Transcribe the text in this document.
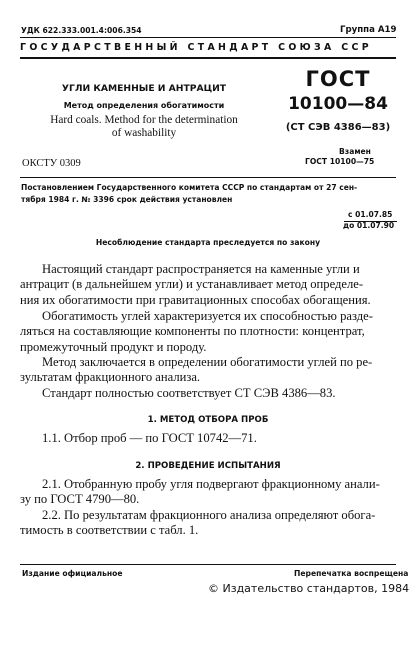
УДК 622.333.001.4:006.354	Группа А19
ГОСУДАРСТВЕННЫЙ СТАНДАРТ СОЮЗА ССР
УГЛИ КАМЕННЫЕ И АНТРАЦИТ
Метод определения обогатимости
Hard coals. Method for the determination
of washability
ОКСТУ 0309
ГОСТ
10100—84
(СТ СЭВ 4386—83)
Взамен
ГОСТ 10100—75
Постановлением Государственного комитета СССР по стандартам от 27 сен-
тября 1984 г. № 3396 срок действия установлен
с 01.07.85
до 01.07.90
Несоблюдение стандарта преследуется по закону
Настоящий стандарт распространяется на каменные угли и
антрацит (в дальнейшем угли) и устанавливает метод определе-
ния их обогатимости при гравитационных способах обогащения.
Обогатимость углей характеризуется их способностью разде-
ляться на составляющие компоненты по плотности: концентрат,
промежуточный продукт и породу.
Метод заключается в определении обогатимости углей по ре-
зультатам фракционного анализа.
Стандарт полностью соответствует СТ СЭВ 4386—83.
1. МЕТОД ОТБОРА ПРОБ
1.1. Отбор проб — по ГОСТ 10742—71.
2. ПРОВЕДЕНИЕ ИСПЫТАНИЯ
2.1. Отобранную пробу угля подвергают фракционному анали-
зу по ГОСТ 4790—80.
2.2. По результатам фракционного анализа определяют обога-
тимость в соответствии с табл. 1.
Издание официальное	Перепечатка воспрещена
© Издательство стандартов, 1984
